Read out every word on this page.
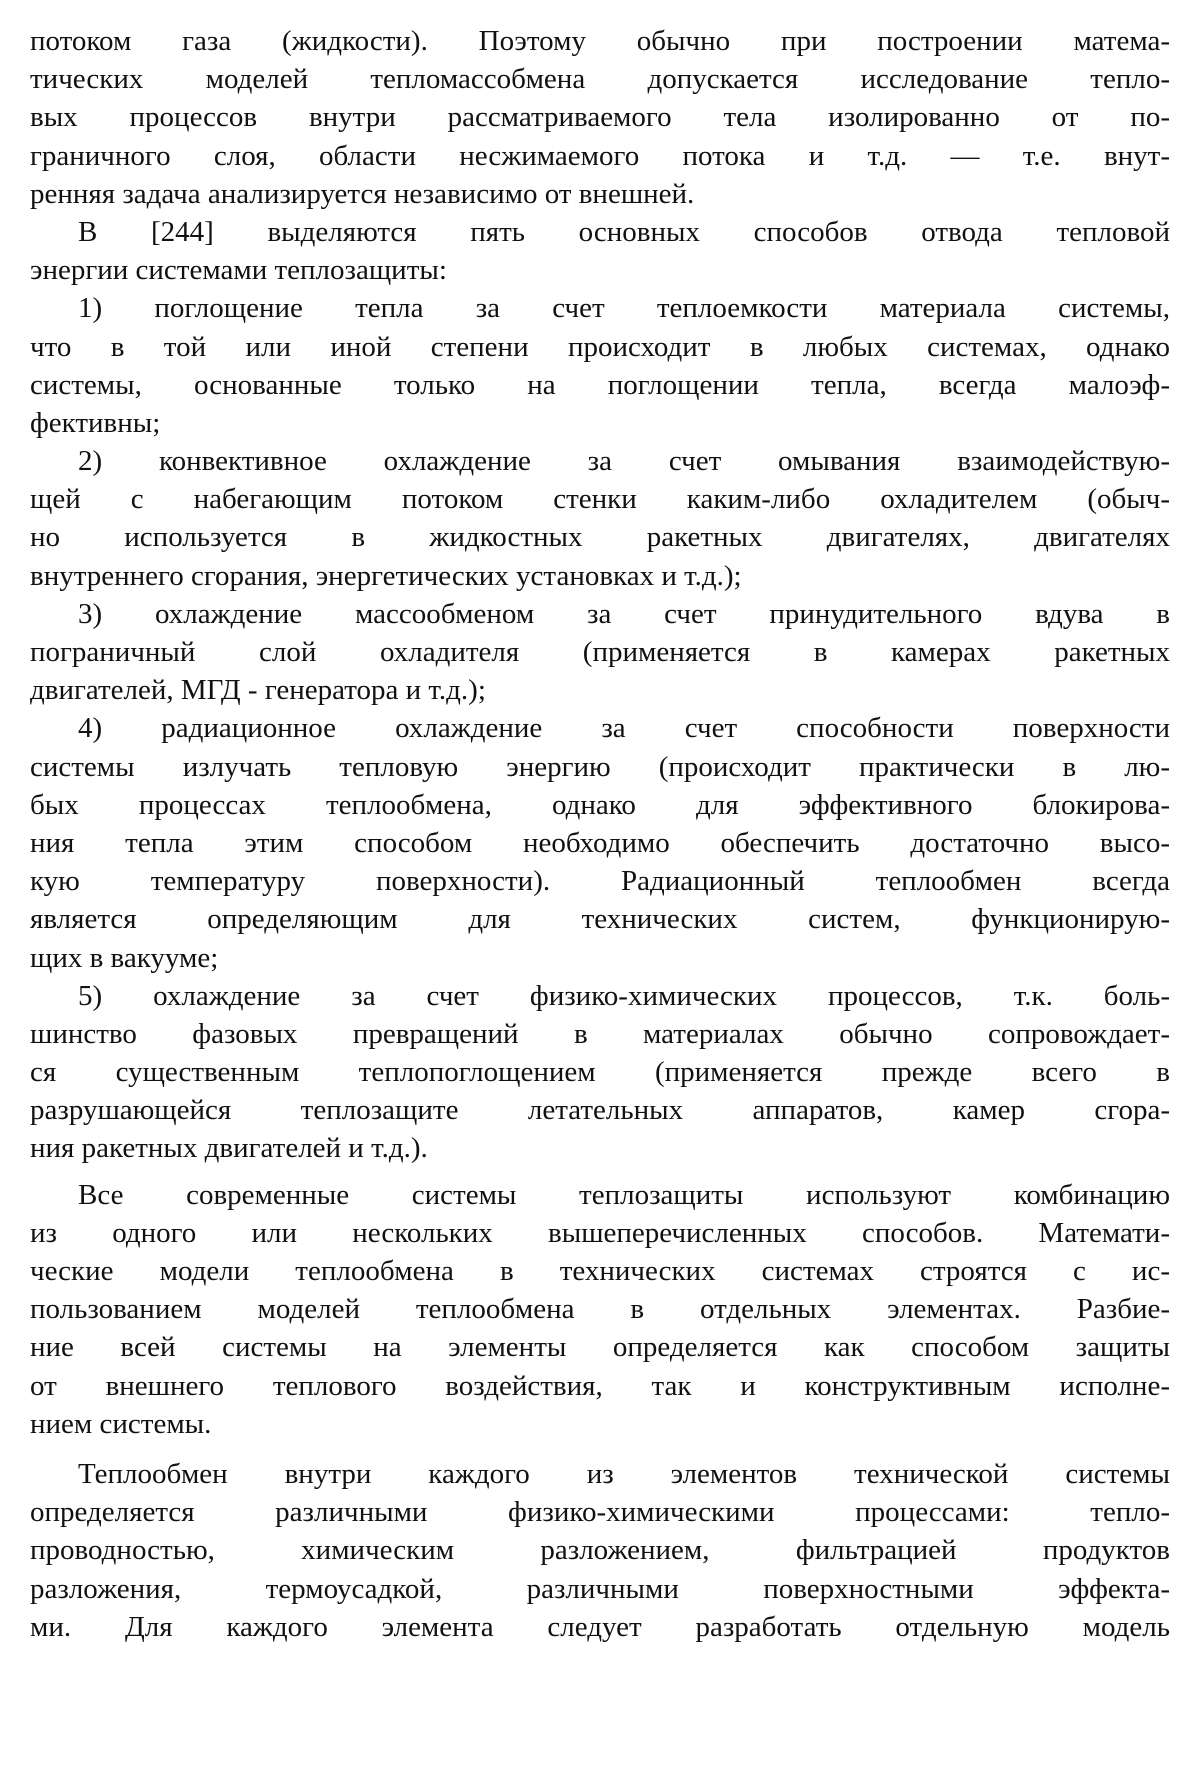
потоком газа (жидкости). Поэтому обычно при построении матема-
тических моделей тепломассобмена допускается исследование тепло-
вых процессов внутри рассматриваемого тела изолированно от по-
граничного слоя, области несжимаемого потока и т.д. — т.е. внут-
ренняя задача анализируется независимо от внешней.
В [244] выделяются пять основных способов отвода тепловой
энергии системами теплозащиты:
1) поглощение тепла за счет теплоемкости материала системы,
что в той или иной степени происходит в любых системах, однако
системы, основанные только на поглощении тепла, всегда малоэф-
фективны;
2) конвективное охлаждение за счет омывания взаимодействую-
щей с набегающим потоком стенки каким-либо охладителем (обыч-
но используется в жидкостных ракетных двигателях, двигателях
внутреннего сгорания, энергетических установках и т.д.);
3) охлаждение массообменом за счет принудительного вдува в
пограничный слой охладителя (применяется в камерах ракетных
двигателей, МГД - генератора и т.д.);
4) радиационное охлаждение за счет способности поверхности
системы излучать тепловую энергию (происходит практически в лю-
бых процессах теплообмена, однако для эффективного блокирова-
ния тепла этим способом необходимо обеспечить достаточно высо-
кую температуру поверхности). Радиационный теплообмен всегда
является определяющим для технических систем, функционирую-
щих в вакууме;
5) охлаждение за счет физико-химических процессов, т.к. боль-
шинство фазовых превращений в материалах обычно сопровождает-
ся существенным теплопоглощением (применяется прежде всего в
разрушающейся теплозащите летательных аппаратов, камер сгора-
ния ракетных двигателей и т.д.).
Все современные системы теплозащиты используют комбинацию
из одного или нескольких вышеперечисленных способов. Математи-
ческие модели теплообмена в технических системах строятся с ис-
пользованием моделей теплообмена в отдельных элементах. Разбие-
ние всей системы на элементы определяется как способом защиты
от внешнего теплового воздействия, так и конструктивным исполне-
нием системы.
Теплообмен внутри каждого из элементов технической системы
определяется различными физико-химическими процессами: тепло-
проводностью, химическим разложением, фильтрацией продуктов
разложения, термоусадкой, различными поверхностными эффекта-
ми. Для каждого элемента следует разработать отдельную модель
